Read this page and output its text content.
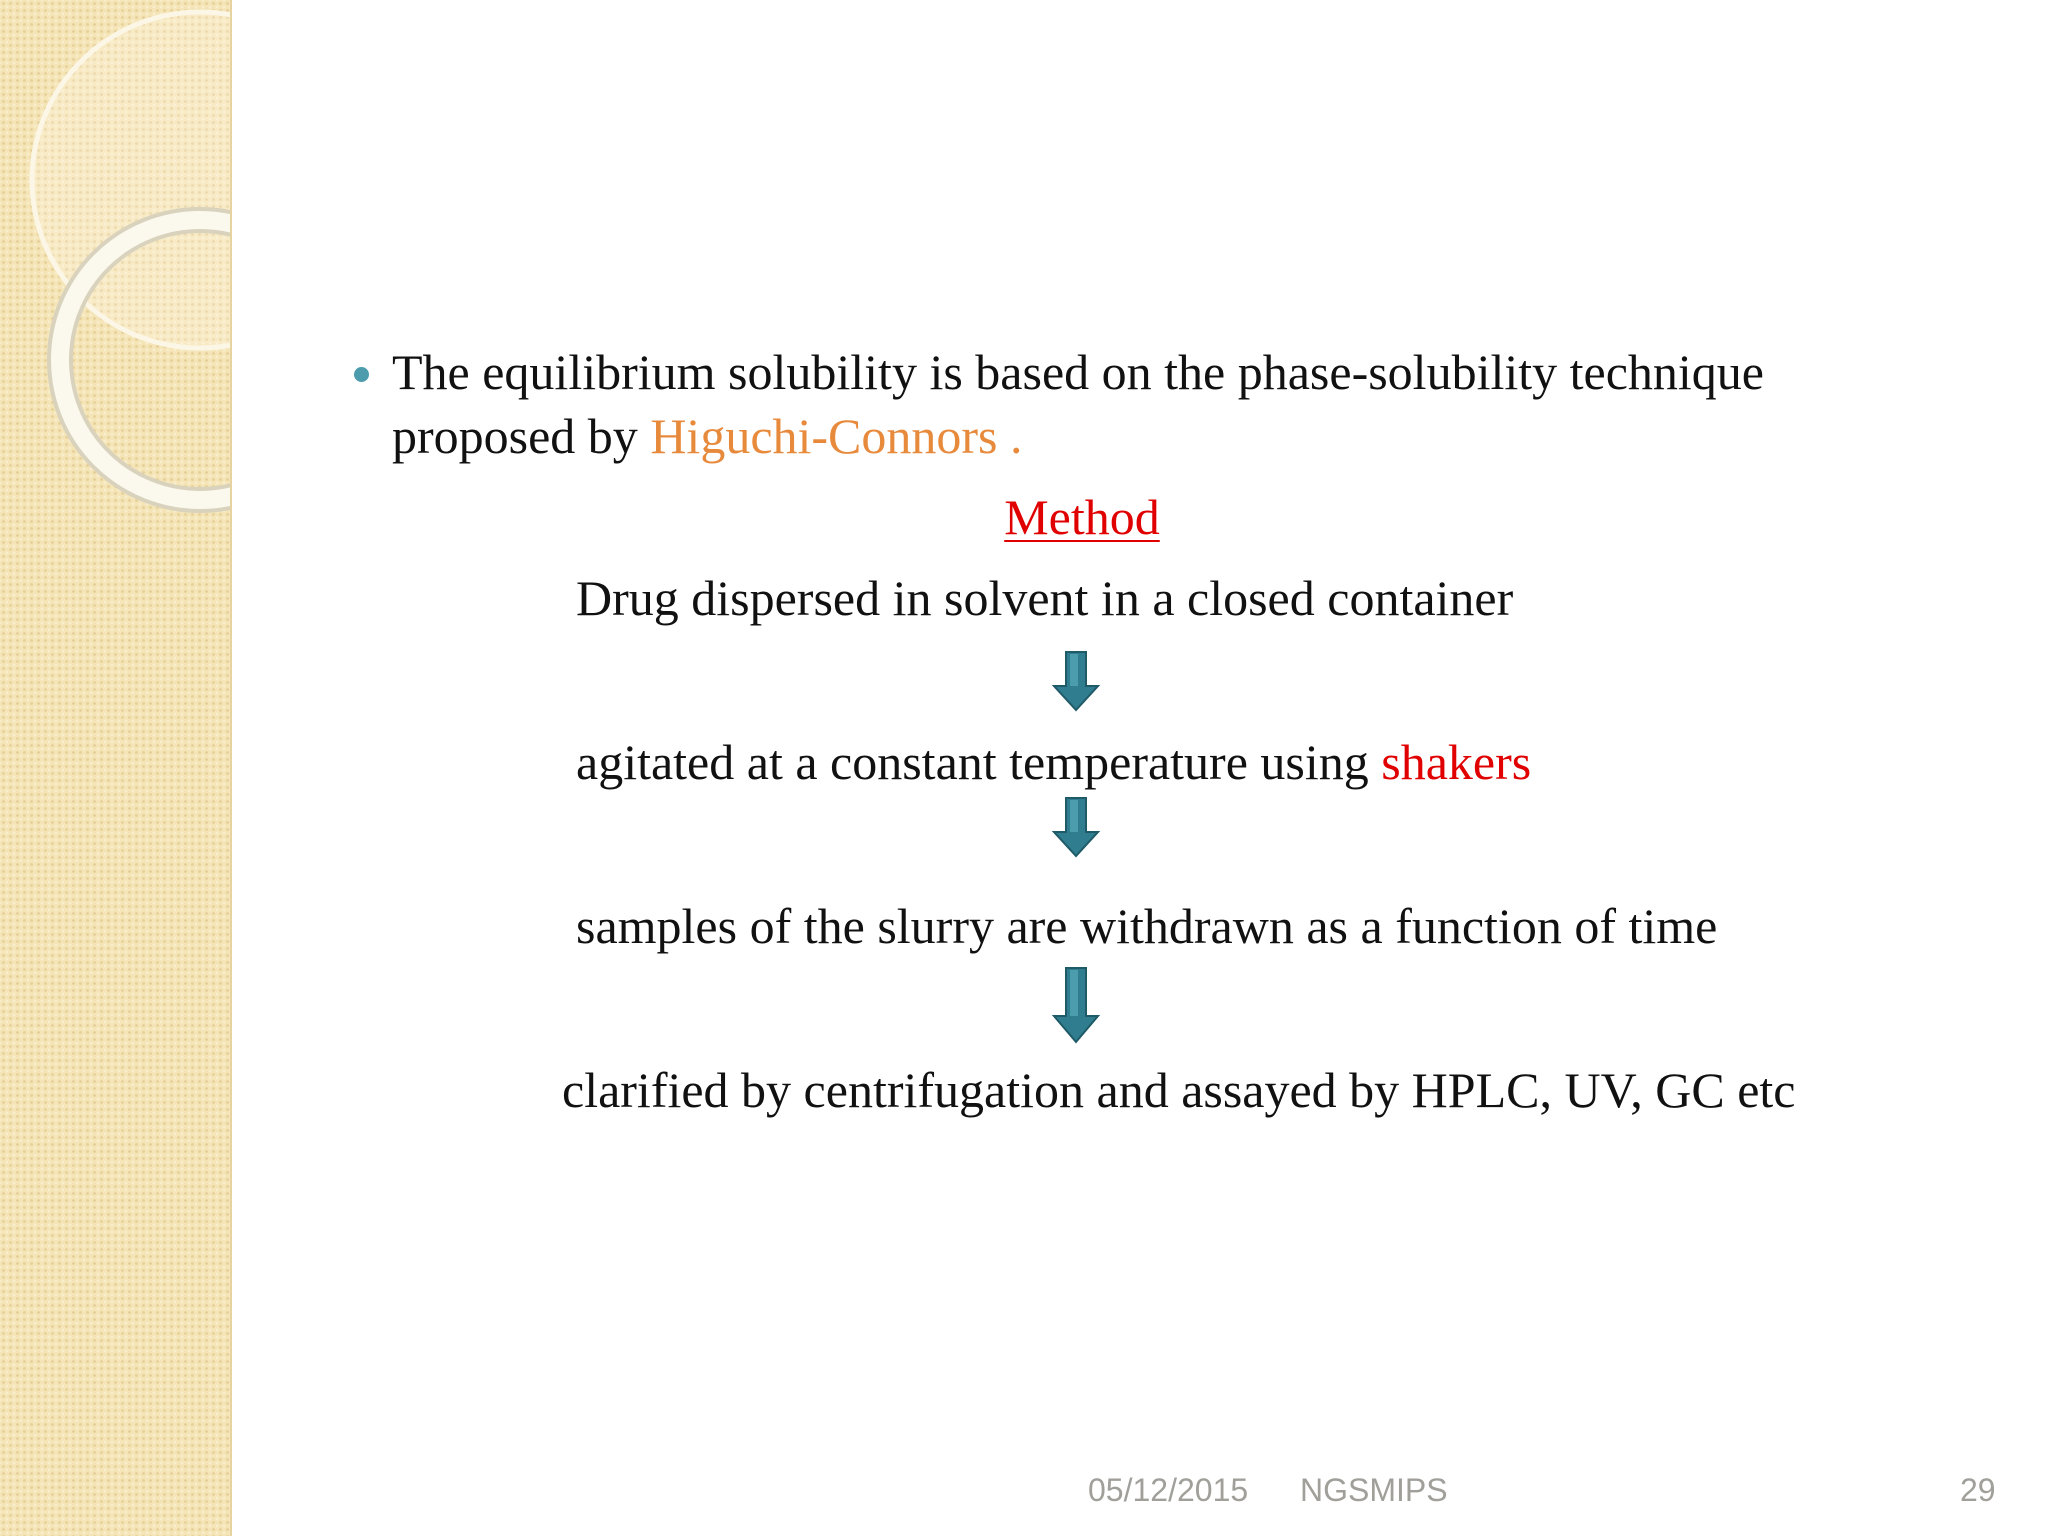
The equilibrium solubility is based on the phase-solubility technique proposed by Higuchi-Connors .
Method
Drug dispersed in solvent in a closed container
agitated at a constant temperature using shakers
samples of the slurry are withdrawn as a function of time
clarified by centrifugation and assayed by HPLC, UV, GC etc
05/12/2015 NGSMIPS	29
